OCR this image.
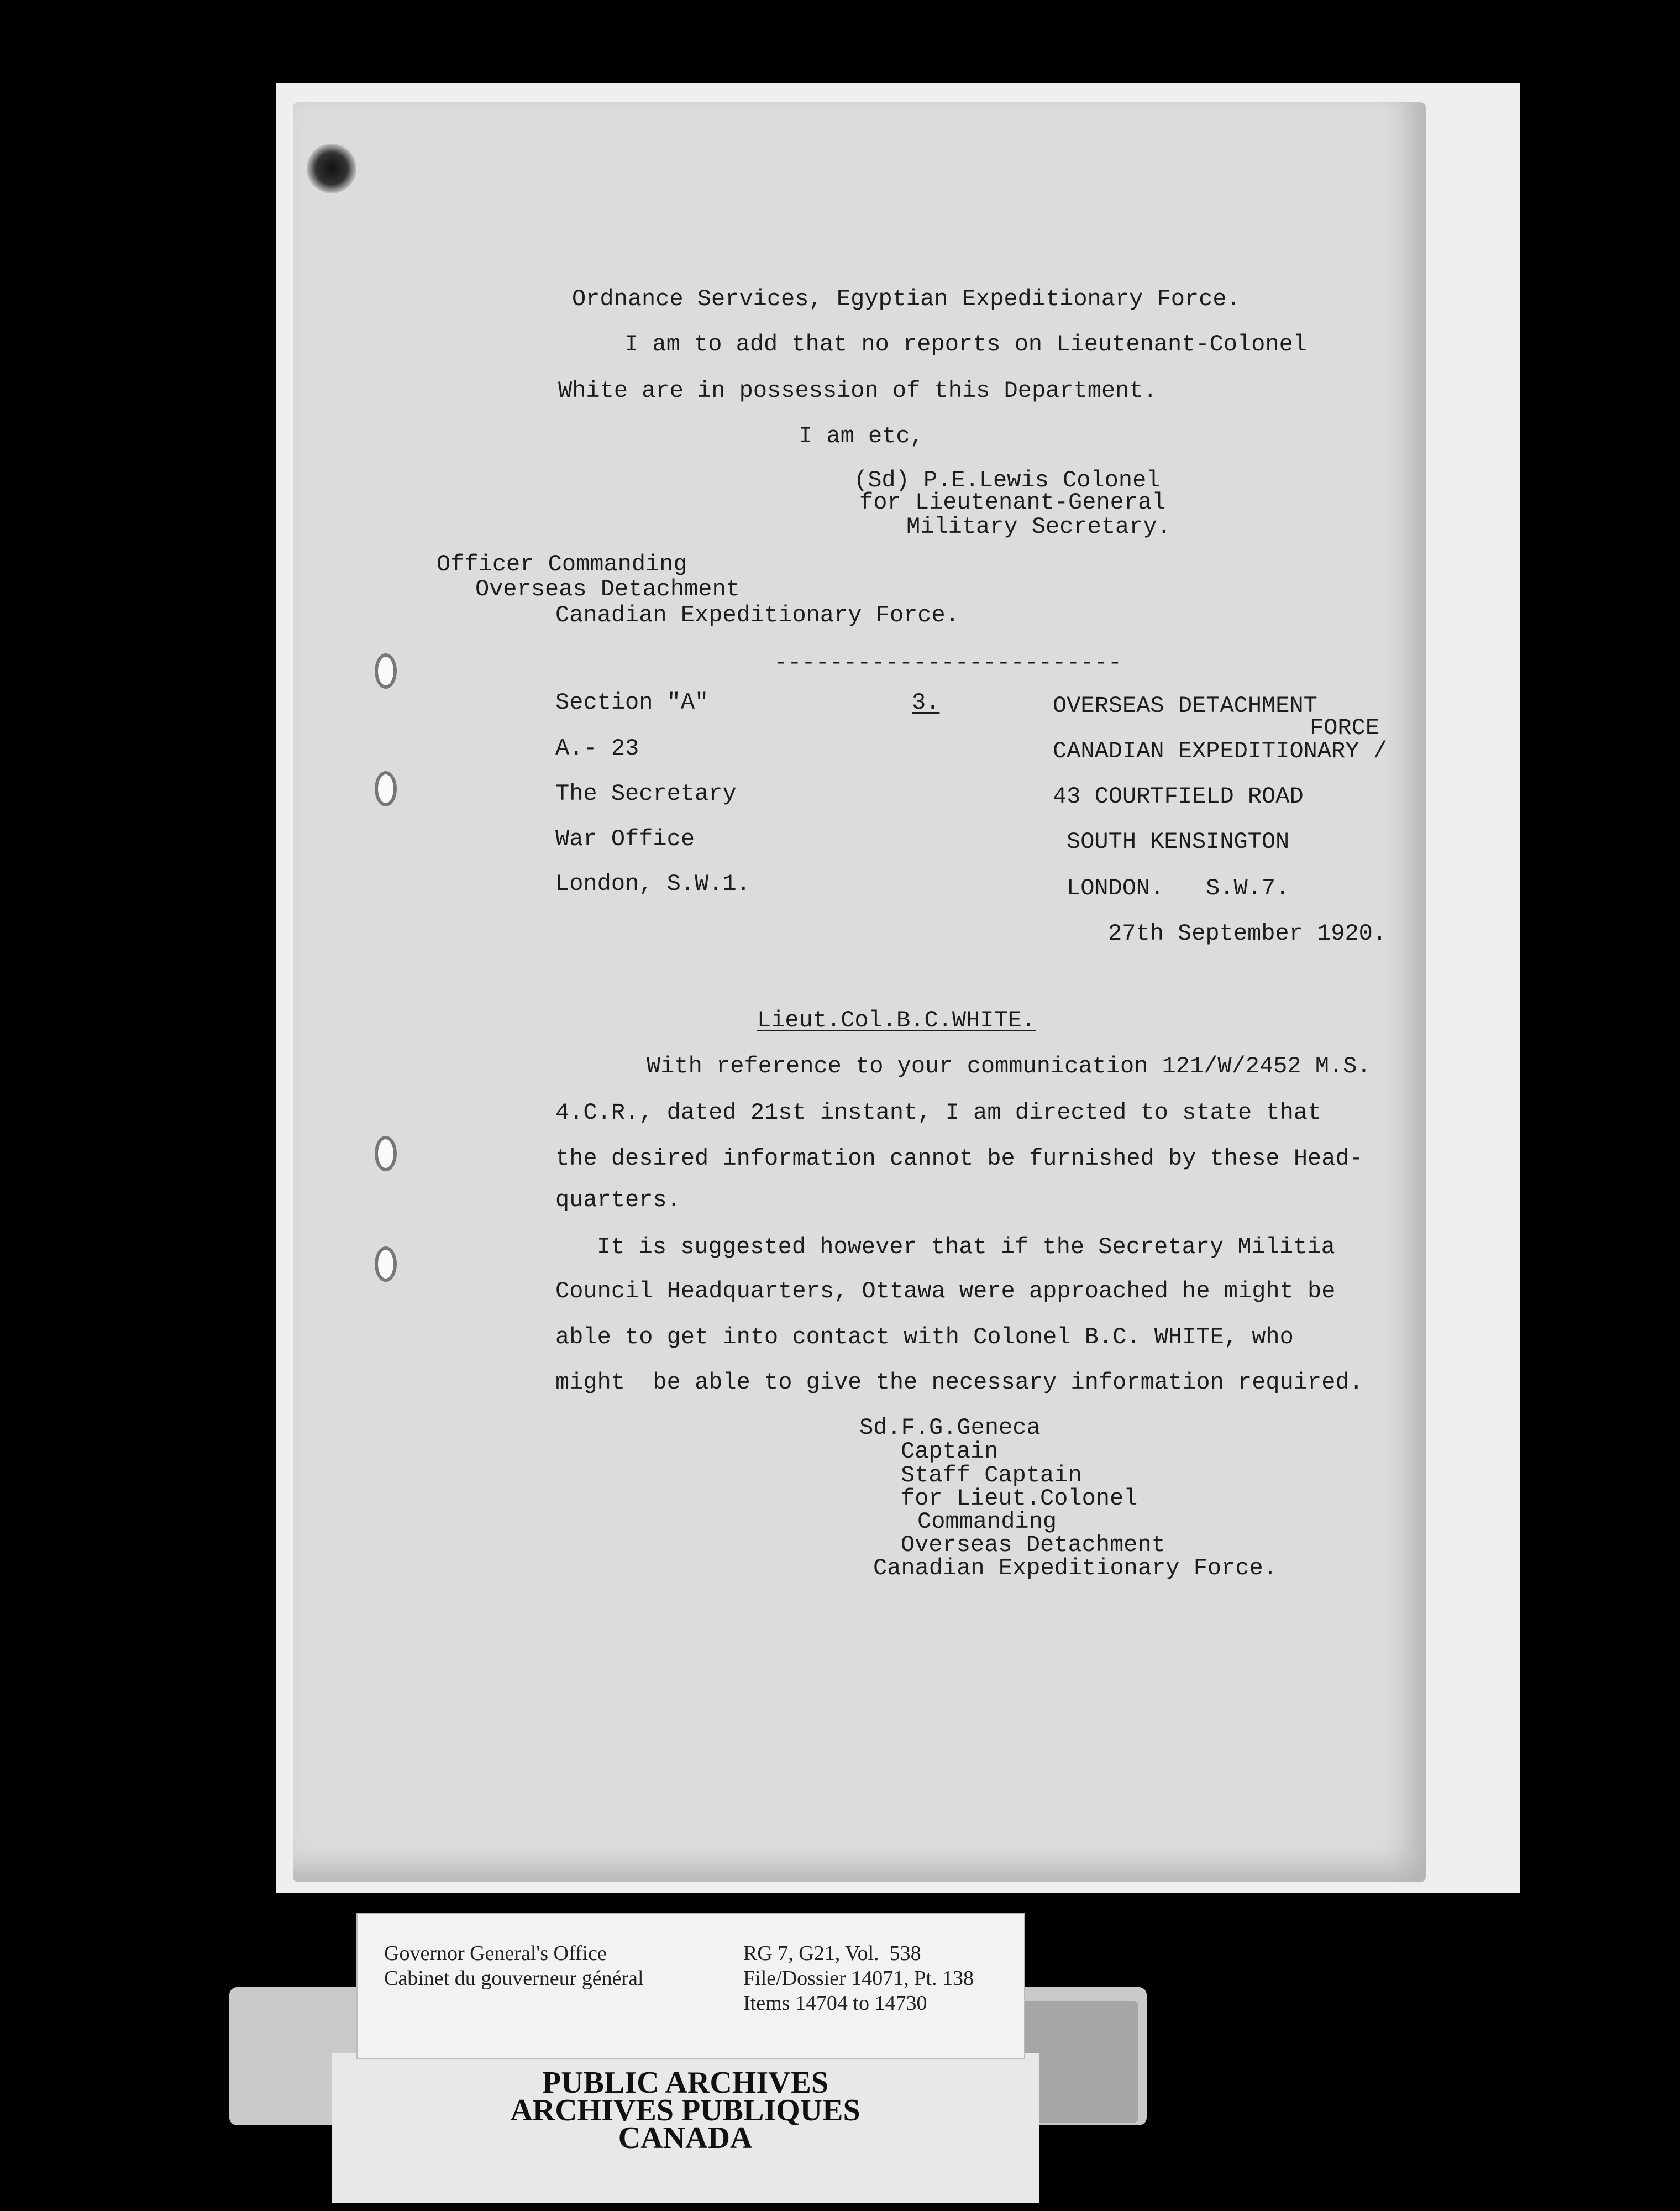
Ordnance Services, Egyptian Expeditionary Force.
I am to add that no reports on Lieutenant-Colonel
White are in possession of this Department.
I am etc,
(Sd) P.E.Lewis Colonel
for Lieutenant-General
Military Secretary.
Officer Commanding
Overseas Detachment
Canadian Expeditionary Force.
-------------------------
Section "A"
A.- 23
The Secretary
War Office
London, S.W.1.
3.	OVERSEAS DETACHMENT
FORCE
CANADIAN EXPEDITIONARY /
43 COURTFIELD ROAD
SOUTH KENSINGTON
LONDON.   S.W.7.
27th September 1920.
Lieut.Col.B.C.WHITE.
With reference to your communication 121/W/2452 M.S.
4.C.R., dated 21st instant, I am directed to state that
the desired information cannot be furnished by these Head-
quarters.
It is suggested however that if the Secretary Militia
Council Headquarters, Ottawa were approached he might be
able to get into contact with Colonel B.C. WHITE, who
might  be able to give the necessary information required.
Sd.F.G.Geneca
Captain
Staff Captain
for Lieut.Colonel
Commanding
Overseas Detachment
Canadian Expeditionary Force.
Governor General's Office
Cabinet du gouverneur général
RG 7, G21, Vol.  538
File/Dossier 14071, Pt. 138
Items 14704 to 14730
PUBLIC ARCHIVES
ARCHIVES PUBLIQUES
CANADA
